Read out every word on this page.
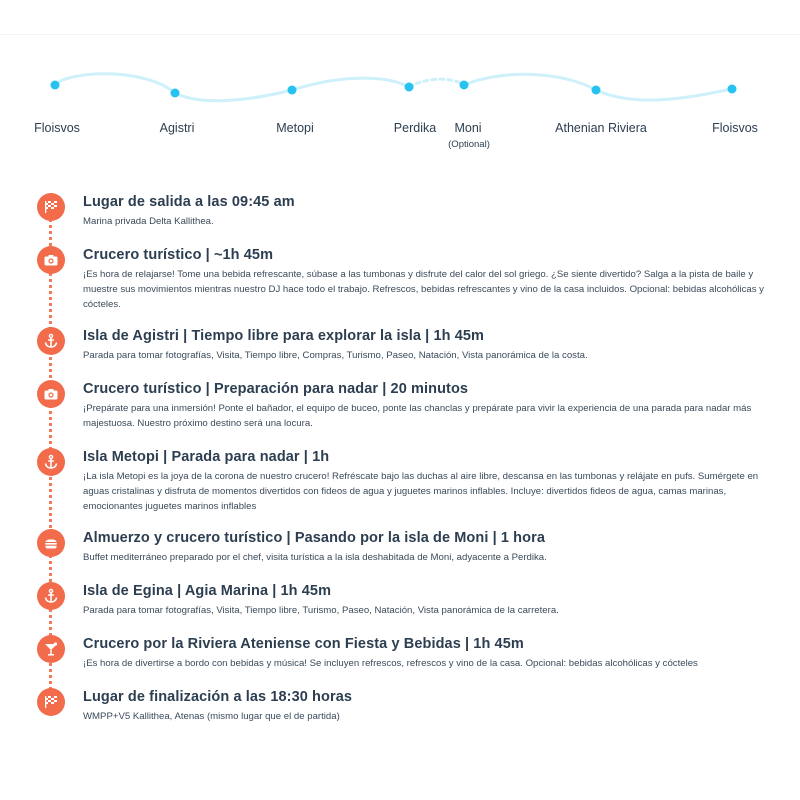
Floisvos	Agistri	Metopi	Perdika Moni
(Optional)
Athenian Riviera	Floisvos

Lugar de salida a las 09:45 am

Marina privada Delta Kallithea.

Crucero turístico | ~1h 45m

¡Es hora de relajarse! Tome una bebida refrescante, súbase a las tumbonas y disfrute del calor del sol griego. ¿Se siente divertido? Salga a la pista de baile y muestre sus movimientos mientras nuestro DJ hace todo el trabajo. Refrescos, bebidas refrescantes y vino de la casa incluidos. Opcional: bebidas alcohólicas y cócteles.

Isla de Agistri | Tiempo libre para explorar la isla | 1h 45m

Parada para tomar fotografías, Visita, Tiempo libre, Compras, Turismo, Paseo, Natación, Vista panorámica de la costa.

Crucero turístico | Preparación para nadar | 20 minutos

¡Prepárate para una inmersión! Ponte el bañador, el equipo de buceo, ponte las chanclas y prepárate para vivir la experiencia de una parada para nadar más majestuosa. Nuestro próximo destino será una locura.

Isla Metopi | Parada para nadar | 1h

¡La isla Metopi es la joya de la corona de nuestro crucero! Refréscate bajo las duchas al aire libre, descansa en las tumbonas y relájate en pufs. Sumérgete en aguas cristalinas y disfruta de momentos divertidos con fideos de agua y juguetes marinos inflables. Incluye: divertidos fideos de agua, camas marinas, emocionantes juguetes marinos inflables

Almuerzo y crucero turístico | Pasando por la isla de Moni | 1 hora

Buffet mediterráneo preparado por el chef, visita turística a la isla deshabitada de Moni, adyacente a Perdika.

Isla de Egina | Agia Marina | 1h 45m

Parada para tomar fotografías, Visita, Tiempo libre, Turismo, Paseo, Natación, Vista panorámica de la carretera.

Crucero por la Riviera Ateniense con Fiesta y Bebidas | 1h 45m

¡Es hora de divertirse a bordo con bebidas y música! Se incluyen refrescos, refrescos y vino de la casa. Opcional: bebidas alcohólicas y cócteles

Lugar de finalización a las 18:30 horas

WMPP+V5 Kallithea, Atenas (mismo lugar que el de partida)
